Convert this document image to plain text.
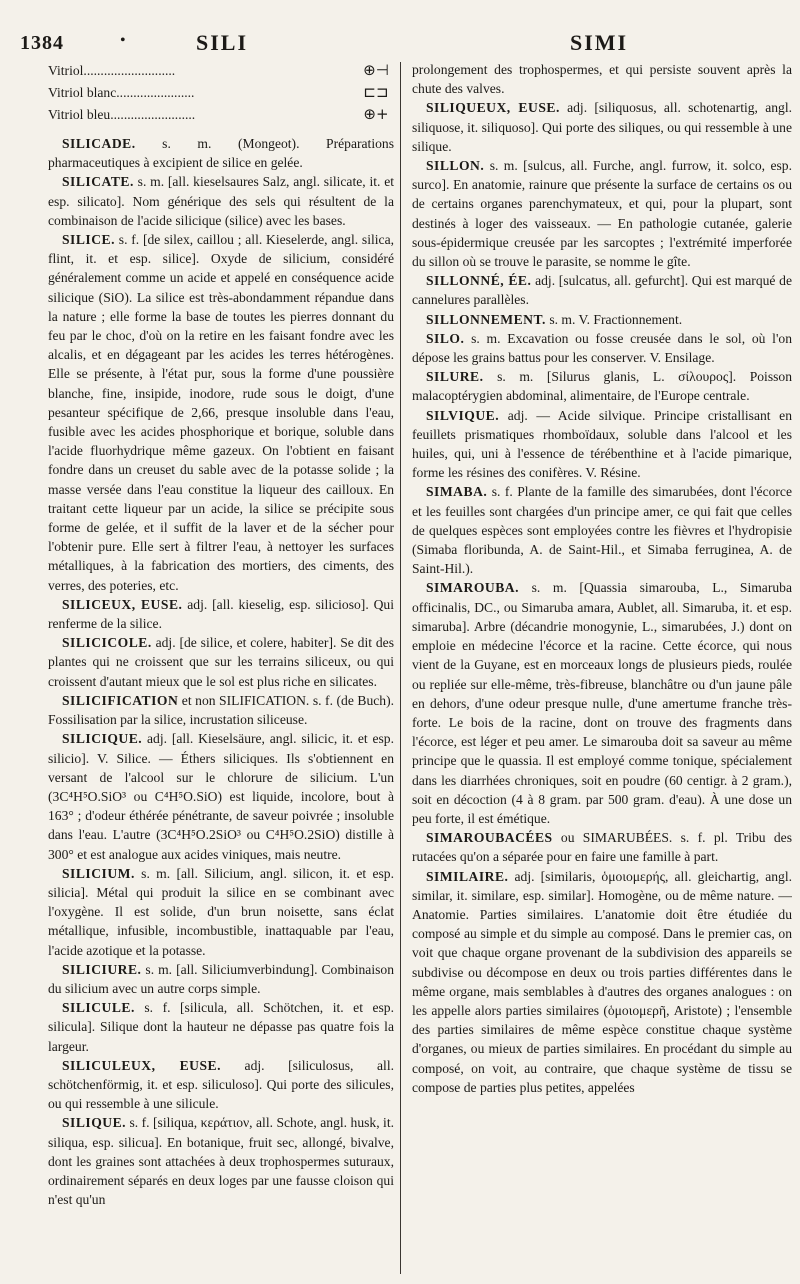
1384	•	SILI	SIMI
Vitriol...........................	⊕⊣
Vitriol blanc.......................	⊏⊐
Vitriol bleu.........................	⊕+

SILICADE. s. m. (Mongeot). Préparations pharmaceutiques à excipient de silice en gelée.

SILICATE. s. m. [all. kieselsaures Salz, angl. silicate, it. et esp. silicato]. Nom générique des sels qui résultent de la combinaison de l'acide silicique (silice) avec les bases.

SILICE. s. f. [de silex, caillou ; all. Kieselerde, angl. silica, flint, it. et esp. silice]. Oxyde de silicium, considéré généralement comme un acide et appelé en conséquence acide silicique (SiO). La silice est très-abondamment répandue dans la nature ; elle forme la base de toutes les pierres donnant du feu par le choc, d'où on la retire en les faisant fondre avec les alcalis, et en dégageant par les acides les terres hétérogènes. Elle se présente, à l'état pur, sous la forme d'une poussière blanche, fine, insipide, inodore, rude sous le doigt, d'une pesanteur spécifique de 2,66, presque insoluble dans l'eau, fusible avec les acides phosphorique et borique, soluble dans l'acide fluorhydrique même gazeux. On l'obtient en faisant fondre dans un creuset du sable avec de la potasse solide ; la masse versée dans l'eau constitue la liqueur des cailloux. En traitant cette liqueur par un acide, la silice se précipite sous forme de gelée, et il suffit de la laver et de la sécher pour l'obtenir pure. Elle sert à filtrer l'eau, à nettoyer les surfaces métalliques, à la fabrication des mortiers, des ciments, des verres, des poteries, etc.

SILICEUX, EUSE. adj. [all. kieselig, esp. silicioso]. Qui renferme de la silice.

SILICICOLE. adj. [de silice, et colere, habiter]. Se dit des plantes qui ne croissent que sur les terrains siliceux, ou qui croissent d'autant mieux que le sol est plus riche en silicates.

SILICIFICATION et non SILIFICATION. s. f. (de Buch). Fossilisation par la silice, incrustation siliceuse.

SILICIQUE. adj. [all. Kieselsäure, angl. silicic, it. et esp. silicio]. V. Silice. — Éthers siliciques. Ils s'obtiennent en versant de l'alcool sur le chlorure de silicium. L'un (3C⁴H⁵O.SiO³ ou C⁴H⁵O.SiO) est liquide, incolore, bout à 163° ; d'odeur éthérée pénétrante, de saveur poivrée ; insoluble dans l'eau. L'autre (3C⁴H⁵O.2SiO³ ou C⁴H⁵O.2SiO) distille à 300° et est analogue aux acides viniques, mais neutre.

SILICIUM. s. m. [all. Silicium, angl. silicon, it. et esp. silicia]. Métal qui produit la silice en se combinant avec l'oxygène. Il est solide, d'un brun noisette, sans éclat métallique, infusible, incombustible, inattaquable par l'eau, l'acide azotique et la potasse.

SILICIURE. s. m. [all. Siliciumverbindung]. Combinaison du silicium avec un autre corps simple.

SILICULE. s. f. [silicula, all. Schötchen, it. et esp. silicula]. Silique dont la hauteur ne dépasse pas quatre fois la largeur.

SILICULEUX, EUSE. adj. [siliculosus, all. schötchenförmig, it. et esp. siliculoso]. Qui porte des silicules, ou qui ressemble à une silicule.

SILIQUE. s. f. [siliqua, κεράτιον, all. Schote, angl. husk, it. siliqua, esp. silicua]. En botanique, fruit sec, allongé, bivalve, dont les graines sont attachées à deux trophospermes suturaux, ordinairement séparés en deux loges par une fausse cloison qui n'est qu'un

prolongement des trophospermes, et qui persiste souvent après la chute des valves.

SILIQUEUX, EUSE. adj. [siliquosus, all. schotenartig, angl. siliquose, it. siliquoso]. Qui porte des siliques, ou qui ressemble à une silique.

SILLON. s. m. [sulcus, all. Furche, angl. furrow, it. solco, esp. surco]. En anatomie, rainure que présente la surface de certains os ou de certains organes parenchymateux, et qui, pour la plupart, sont destinés à loger des vaisseaux. — En pathologie cutanée, galerie sous-épidermique creusée par les sarcoptes ; l'extrémité imperforée du sillon où se trouve le parasite, se nomme le gîte.

SILLONNÉ, ÉE. adj. [sulcatus, all. gefurcht]. Qui est marqué de cannelures parallèles.

SILLONNEMENT. s. m. V. Fractionnement.

SILO. s. m. Excavation ou fosse creusée dans le sol, où l'on dépose les grains battus pour les conserver. V. Ensilage.

SILURE. s. m. [Silurus glanis, L. σίλουρος]. Poisson malacoptérygien abdominal, alimentaire, de l'Europe centrale.

SILVIQUE. adj. — Acide silvique. Principe cristallisant en feuillets prismatiques rhomboïdaux, soluble dans l'alcool et les huiles, qui, uni à l'essence de térébenthine et à l'acide pimarique, forme les résines des conifères. V. Résine.

SIMABA. s. f. Plante de la famille des simarubées, dont l'écorce et les feuilles sont chargées d'un principe amer, ce qui fait que celles de quelques espèces sont employées contre les fièvres et l'hydropisie (Simaba floribunda, A. de Saint-Hil., et Simaba ferruginea, A. de Saint-Hil.).

SIMAROUBA. s. m. [Quassia simarouba, L., Simaruba officinalis, DC., ou Simaruba amara, Aublet, all. Simaruba, it. et esp. simaruba]. Arbre (décandrie monogynie, L., simarubées, J.) dont on emploie en médecine l'écorce et la racine. Cette écorce, qui nous vient de la Guyane, est en morceaux longs de plusieurs pieds, roulée ou repliée sur elle-même, très-fibreuse, blanchâtre ou d'un jaune pâle en dehors, d'une odeur presque nulle, d'une amertume franche très-forte. Le bois de la racine, dont on trouve des fragments dans l'écorce, est léger et peu amer. Le simarouba doit sa saveur au même principe que le quassia. Il est employé comme tonique, spécialement dans les diarrhées chroniques, soit en poudre (60 centigr. à 2 gram.), soit en décoction (4 à 8 gram. par 500 gram. d'eau). À une dose un peu forte, il est émétique.

SIMAROUBACÉES ou SIMARUBÉES. s. f. pl. Tribu des rutacées qu'on a séparée pour en faire une famille à part.

SIMILAIRE. adj. [similaris, ὁμοιομερής, all. gleichartig, angl. similar, it. similare, esp. similar]. Homogène, ou de même nature. — Anatomie. Parties similaires. L'anatomie doit être étudiée du composé au simple et du simple au composé. Dans le premier cas, on voit que chaque organe provenant de la subdivision des appareils se subdivise ou décompose en deux ou trois parties différentes dans le même organe, mais semblables à d'autres des organes analogues : on les appelle alors parties similaires (ὁμοιομερῆ, Aristote) ; l'ensemble des parties similaires de même espèce constitue chaque système d'organes, ou mieux de parties similaires. En procédant du simple au composé, on voit, au contraire, que chaque système de tissu se compose de parties plus petites, appelées
